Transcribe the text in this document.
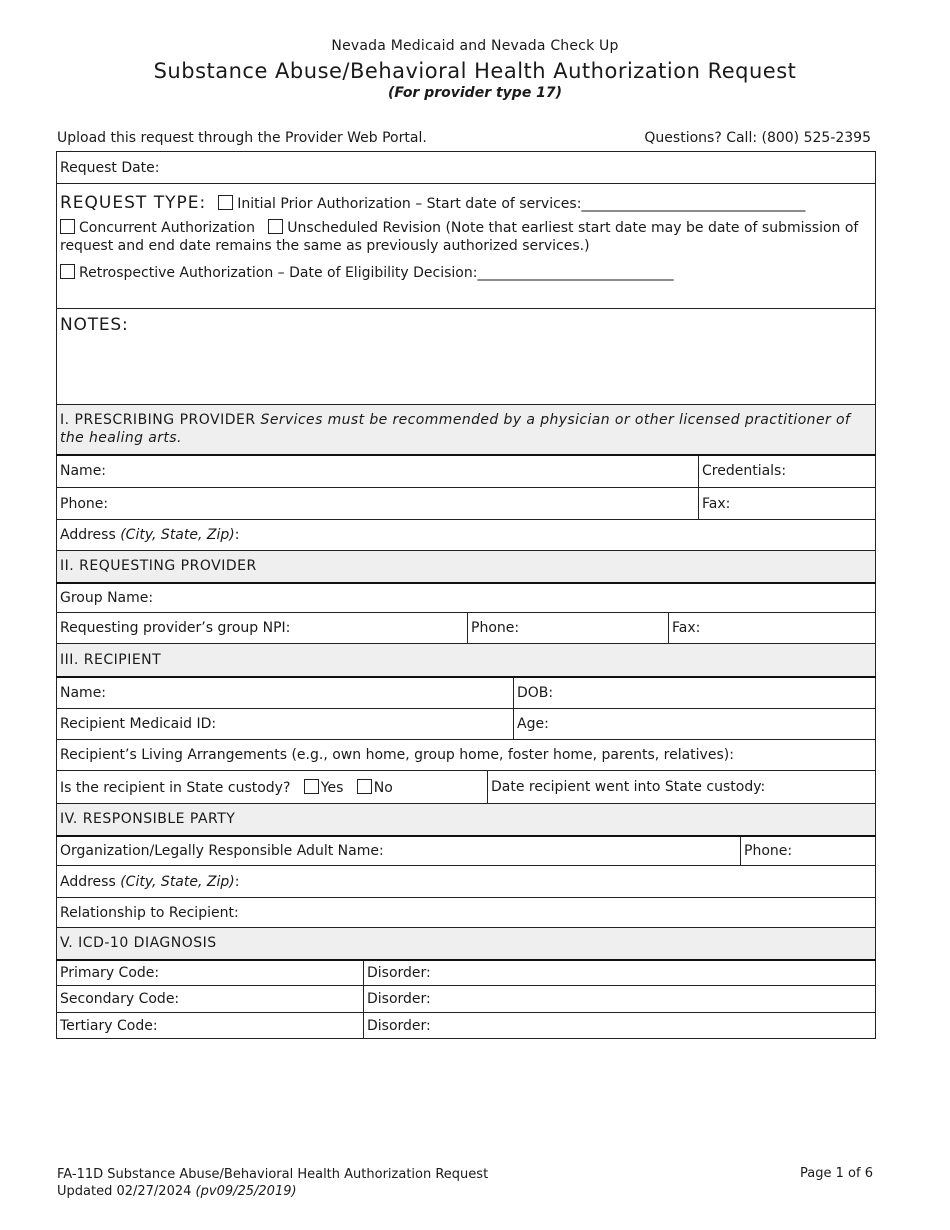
Nevada Medicaid and Nevada Check Up
Substance Abuse/Behavioral Health Authorization Request
(For provider type 17)
Upload this request through the Provider Web Portal.	Questions? Call: (800) 525-2395
Request Date:							

REQUEST TYPE: Initial Prior Authorization – Start date of services:________________________________
Concurrent Authorization Unscheduled Revision (Note that earliest start date may be date of submission of request and end date remains the same as previously authorized services.)
Retrospective Authorization – Date of Eligibility Decision:____________________________							

NOTES:							
I. PRESCRIBING PROVIDER Services must be recommended by a physician or other licensed practitioner of the healing arts.							
Name:						Credentials:	
Phone:						Fax:	
Address (City, State, Zip):							
II. REQUESTING PROVIDER							
Group Name:							
Requesting provider’s group NPI:		Phone:			Fax:		
III. RECIPIENT							
Name:				DOB:			
Recipient Medicaid ID:				Age:			
Recipient’s Living Arrangements (e.g., own home, group home, foster home, parents, relatives):							
Is the recipient in State custody? Yes No			Date recipient went into State custody:				
IV. RESPONSIBLE PARTY							
Organization/Legally Responsible Adult Name:							Phone:
Address (City, State, Zip):							
Relationship to Recipient:							
V. ICD-10 DIAGNOSIS							
Primary Code:	Disorder:						
Secondary Code:	Disorder:						
Tertiary Code:	Disorder:						
FA-11D Substance Abuse/Behavioral Health Authorization Request
Updated 02/27/2024 (pv09/25/2019)
Page 1 of 6
